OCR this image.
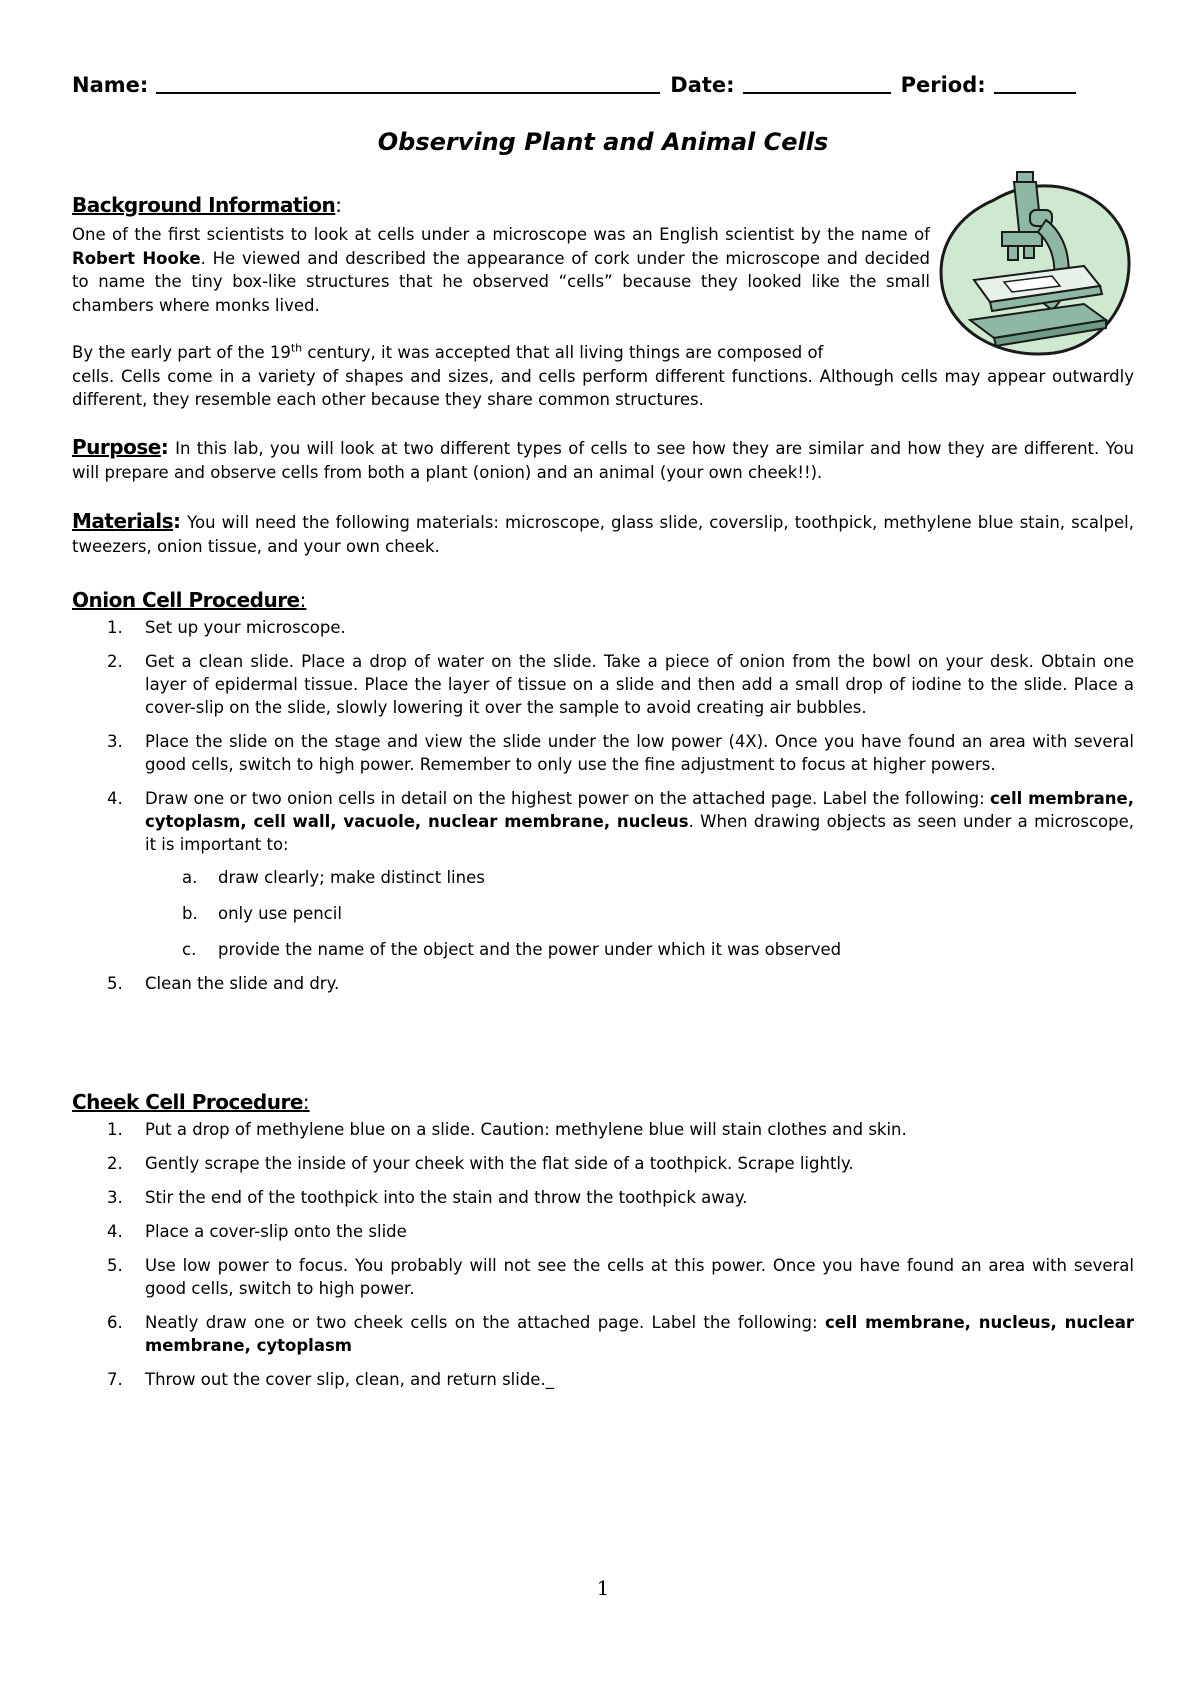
Name:	Date:	Period:
Observing Plant and Animal Cells
Background Information:
One of the first scientists to look at cells under a microscope was an English scientist by the name of Robert Hooke. He viewed and described the appearance of cork under the microscope and decided to name the tiny box-like structures that he observed “cells” because they looked like the small chambers where monks lived.
By the early part of the 19th century, it was accepted that all living things are composed of
cells. Cells come in a variety of shapes and sizes, and cells perform different functions. Although cells may appear outwardly different, they resemble each other because they share common structures.
Purpose: In this lab, you will look at two different types of cells to see how they are similar and how they are different. You will prepare and observe cells from both a plant (onion) and an animal (your own cheek!!).
Materials: You will need the following materials: microscope, glass slide, coverslip, toothpick, methylene blue stain, scalpel, tweezers, onion tissue, and your own cheek.
Onion Cell Procedure:
1. Set up your microscope.
2. Get a clean slide. Place a drop of water on the slide. Take a piece of onion from the bowl on your desk. Obtain one layer of epidermal tissue. Place the layer of tissue on a slide and then add a small drop of iodine to the slide. Place a cover-slip on the slide, slowly lowering it over the sample to avoid creating air bubbles.
3. Place the slide on the stage and view the slide under the low power (4X). Once you have found an area with several good cells, switch to high power. Remember to only use the fine adjustment to focus at higher powers.
4. Draw one or two onion cells in detail on the highest power on the attached page. Label the following: cell membrane, cytoplasm, cell wall, vacuole, nuclear membrane, nucleus. When drawing objects as seen under a microscope, it is important to:
a. draw clearly; make distinct lines
b. only use pencil
c. provide the name of the object and the power under which it was observed
5. Clean the slide and dry.
Cheek Cell Procedure:
1. Put a drop of methylene blue on a slide. Caution: methylene blue will stain clothes and skin.
2. Gently scrape the inside of your cheek with the flat side of a toothpick. Scrape lightly.
3. Stir the end of the toothpick into the stain and throw the toothpick away.
4. Place a cover-slip onto the slide
5. Use low power to focus. You probably will not see the cells at this power. Once you have found an area with several good cells, switch to high power.
6. Neatly draw one or two cheek cells on the attached page. Label the following: cell membrane, nucleus, nuclear membrane, cytoplasm
7. Throw out the cover slip, clean, and return slide._
1
